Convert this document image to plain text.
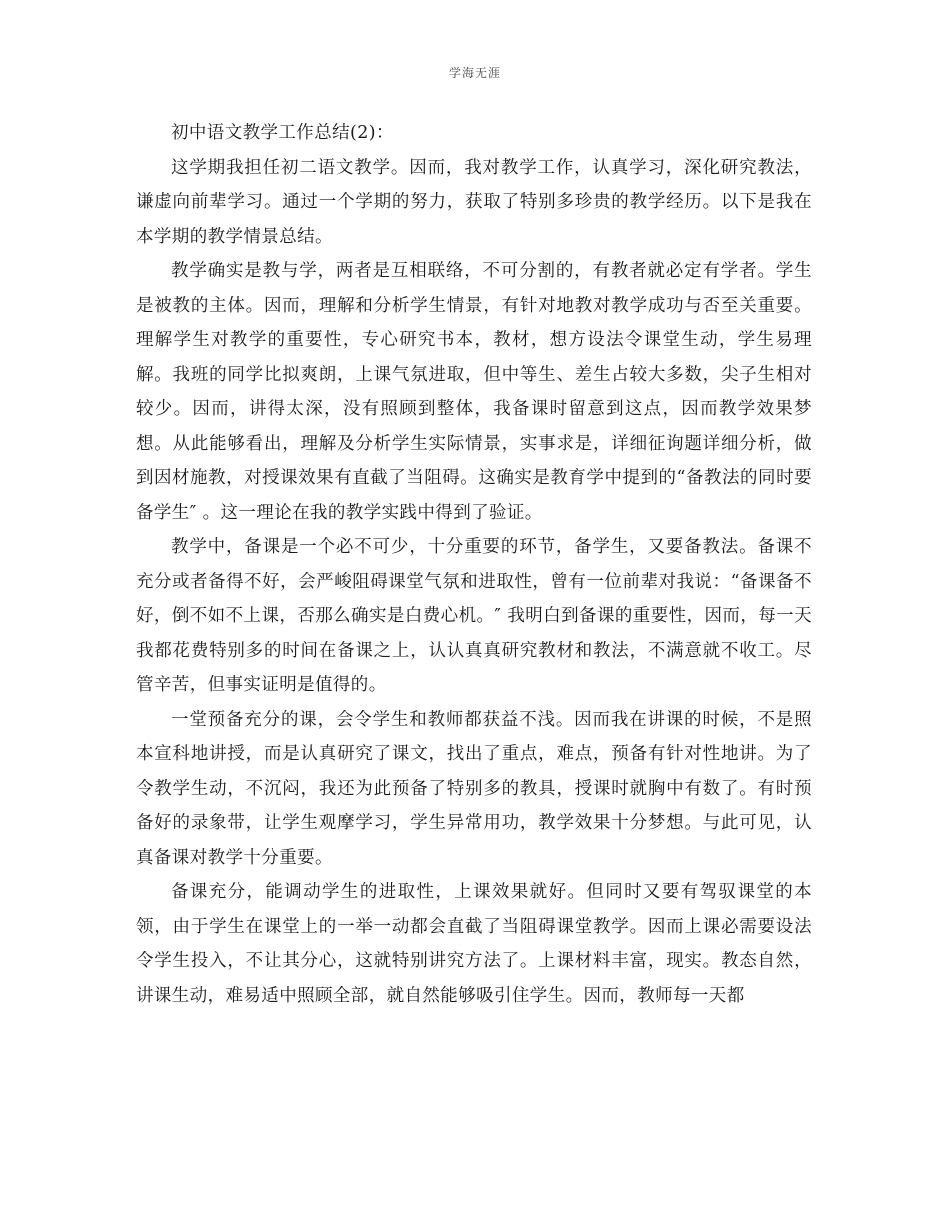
学海无涯

初中语文教学工作总结(2)：

这学期我担任初二语文教学。因而，我对教学工作，认真学习，深化研究教法，谦虚向前辈学习。通过一个学期的努力，获取了特别多珍贵的教学经历。以下是我在本学期的教学情景总结。

教学确实是教与学，两者是互相联络，不可分割的，有教者就必定有学者。学生是被教的主体。因而，理解和分析学生情景，有针对地教对教学成功与否至关重要。理解学生对教学的重要性，专心研究书本，教材，想方设法令课堂生动，学生易理解。我班的同学比拟爽朗，上课气氛进取，但中等生、差生占较大多数，尖子生相对较少。因而，讲得太深，没有照顾到整体，我备课时留意到这点，因而教学效果梦想。从此能够看出，理解及分析学生实际情景，实事求是，详细征询题详细分析，做到因材施教，对授课效果有直截了当阻碍。这确实是教育学中提到的“备教法的同时要备学生″ 。这一理论在我的教学实践中得到了验证。

教学中，备课是一个必不可少，十分重要的环节，备学生，又要备教法。备课不充分或者备得不好，会严峻阻碍课堂气氛和进取性，曾有一位前辈对我说：“备课备不好，倒不如不上课，否那么确实是白费心机。″ 我明白到备课的重要性，因而，每一天我都花费特别多的时间在备课之上，认认真真研究教材和教法，不满意就不收工。尽管辛苦，但事实证明是值得的。

一堂预备充分的课，会令学生和教师都获益不浅。因而我在讲课的时候，不是照本宣科地讲授，而是认真研究了课文，找出了重点，难点，预备有针对性地讲。为了令教学生动，不沉闷，我还为此预备了特别多的教具，授课时就胸中有数了。有时预备好的录象带，让学生观摩学习，学生异常用功，教学效果十分梦想。与此可见，认真备课对教学十分重要。

备课充分，能调动学生的进取性，上课效果就好。但同时又要有驾驭课堂的本领，由于学生在课堂上的一举一动都会直截了当阻碍课堂教学。因而上课必需要设法令学生投入，不让其分心，这就特别讲究方法了。上课材料丰富，现实。教态自然，讲课生动，难易适中照顾全部，就自然能够吸引住学生。因而，教师每一天都
